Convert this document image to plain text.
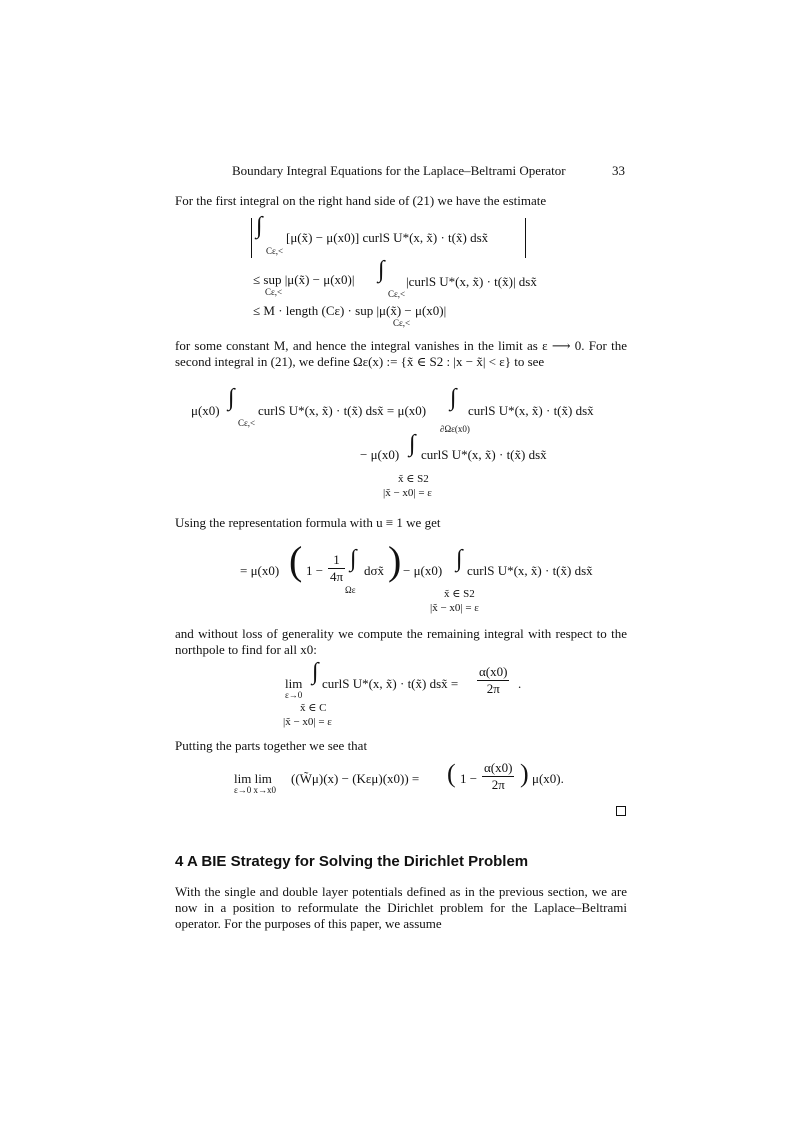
Boundary Integral Equations for the Laplace–Beltrami Operator	33
For the first integral on the right hand side of (21) we have the estimate
∫
Cε,<
[μ(x̃) − μ(x0)] curlS U*(x, x̃) · t(x̃) dsx̃
≤ sup |μ(x̃) − μ(x0)|
Cε,<
∫
Cε,<
|curlS U*(x, x̃) · t(x̃)| dsx̃
≤ M · length (Cε) · sup |μ(x̃) − μ(x0)|
Cε,<
for some constant M, and hence the integral vanishes in the limit as ε ⟶ 0. For the second integral in (21), we define Ωε(x) := {x̃ ∈ S2 : |x − x̃| < ε} to see
μ(x0) ∫
Cε,<
curlS U*(x, x̃) · t(x̃) dsx̃ = μ(x0) ∫
∂Ωε(x0)
curlS U*(x, x̃) · t(x̃) dsx̃
− μ(x0) ∫ curlS U*(x, x̃) · t(x̃) dsx̃
x̃ ∈ S2
|x̃ − x0| = ε
Using the representation formula with u ≡ 1 we get
= μ(x0) ( $1 - \frac{1}{4\pi}$ ∫
Ωε
dσx̃ ) − μ(x0) ∫ curlS U*(x, x̃) · t(x̃) dsx̃
x̃ ∈ S2
|x̃ − x0| = ε
and without loss of generality we compute the remaining integral with respect to the northpole to find for all x0:
lim
ε→0
∫ curlS U*(x, x̃) · t(x̃) dsx̃ = $\frac{\alpha(x0)}{2\pi}$ .
x̃ ∈ C
|x̃ − x0| = ε
Putting the parts together we see that
lim lim
ε→0 x→x0
((W̃μ)(x) − (Kεμ)(x0)) = ( $1 - \frac{\alpha(x0)}{2\pi}$ ) μ(x0).
4 A BIE Strategy for Solving the Dirichlet Problem
With the single and double layer potentials defined as in the previous section, we are now in a position to reformulate the Dirichlet problem for the Laplace–Beltrami operator. For the purposes of this paper, we assume
